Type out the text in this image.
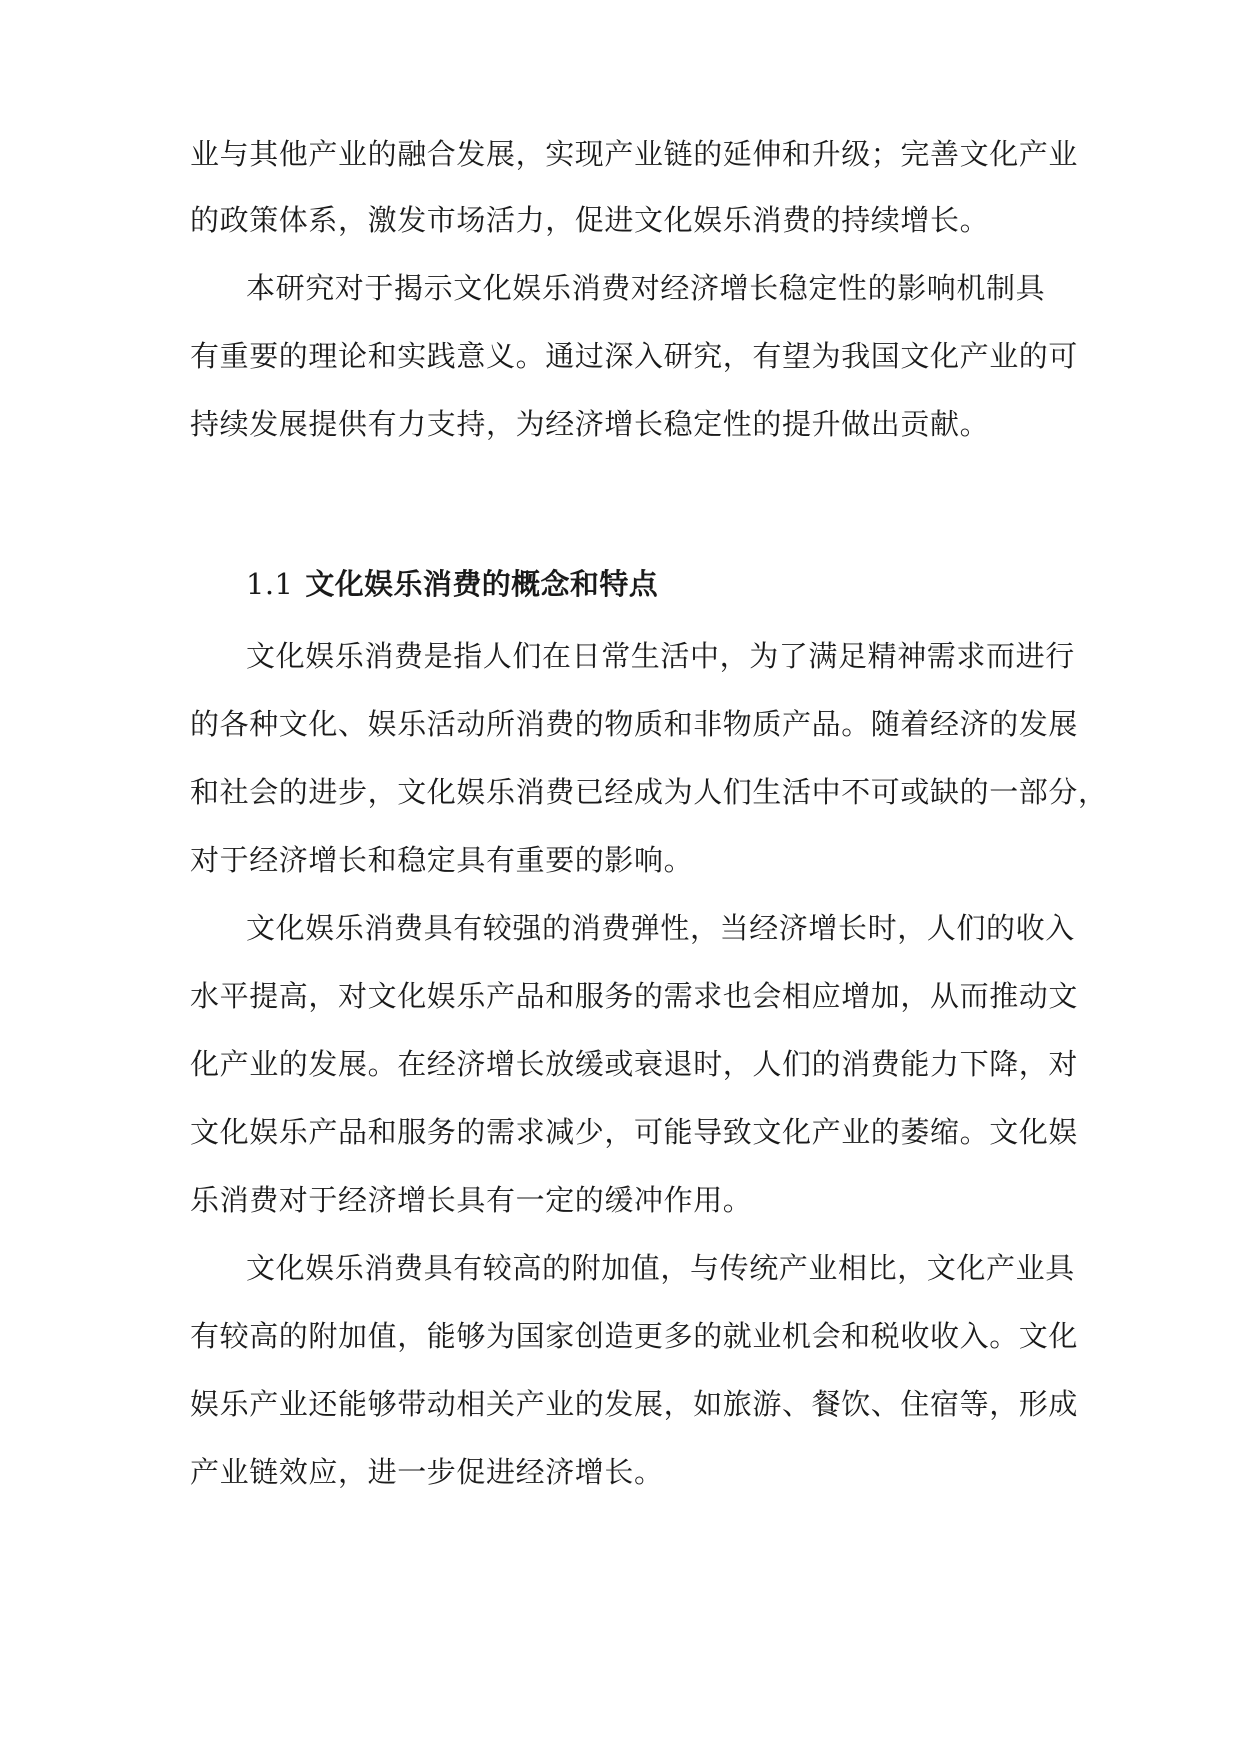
业与其他产业的融合发展，实现产业链的延伸和升级；完善文化产业
的政策体系，激发市场活力，促进文化娱乐消费的持续增长。
本研究对于揭示文化娱乐消费对经济增长稳定性的影响机制具
有重要的理论和实践意义。通过深入研究，有望为我国文化产业的可
持续发展提供有力支持，为经济增长稳定性的提升做出贡献。
1.1 文化娱乐消费的概念和特点
文化娱乐消费是指人们在日常生活中，为了满足精神需求而进行
的各种文化、娱乐活动所消费的物质和非物质产品。随着经济的发展
和社会的进步，文化娱乐消费已经成为人们生活中不可或缺的一部分，
对于经济增长和稳定具有重要的影响。
文化娱乐消费具有较强的消费弹性，当经济增长时，人们的收入
水平提高，对文化娱乐产品和服务的需求也会相应增加，从而推动文
化产业的发展。在经济增长放缓或衰退时，人们的消费能力下降，对
文化娱乐产品和服务的需求减少，可能导致文化产业的萎缩。文化娱
乐消费对于经济增长具有一定的缓冲作用。
文化娱乐消费具有较高的附加值，与传统产业相比，文化产业具
有较高的附加值，能够为国家创造更多的就业机会和税收收入。文化
娱乐产业还能够带动相关产业的发展，如旅游、餐饮、住宿等，形成
产业链效应，进一步促进经济增长。
